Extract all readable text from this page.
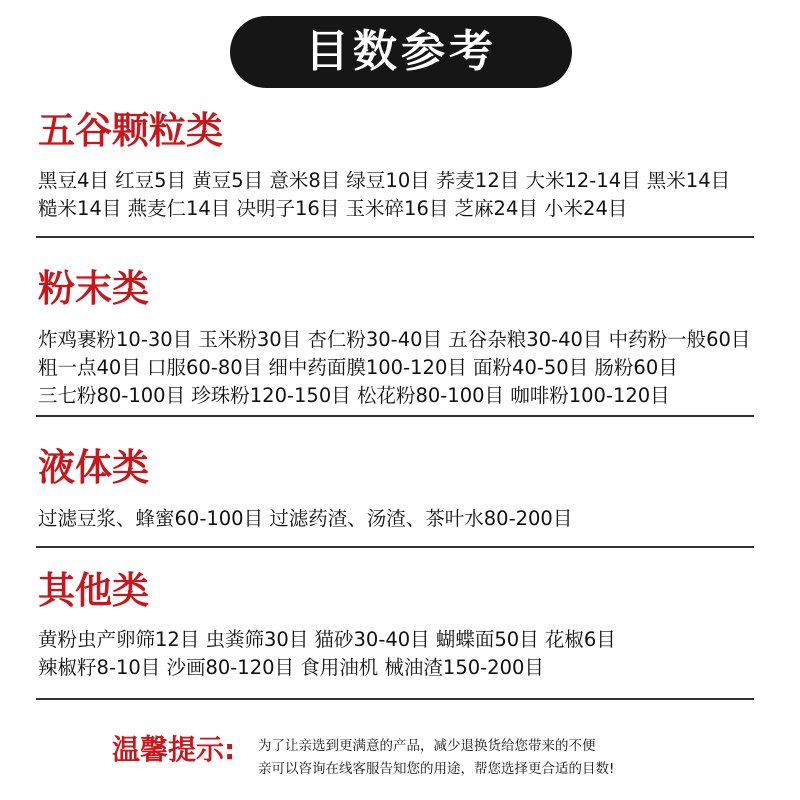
目数参考
五谷颗粒类
黑豆4目 红豆5目 黄豆5目 意米8目 绿豆10目 荞麦12目 大米12-14目 黑米14目
糙米14目 燕麦仁14目 决明子16目 玉米碎16目 芝麻24目 小米24目
粉末类
炸鸡裹粉10-30目 玉米粉30目 杏仁粉30-40目 五谷杂粮30-40目 中药粉一般60目
粗一点40目 口服60-80目 细中药面膜100-120目 面粉40-50目 肠粉60目
三七粉80-100目 珍珠粉120-150目 松花粉80-100目 咖啡粉100-120目
液体类
过滤豆浆、蜂蜜60-100目 过滤药渣、汤渣、茶叶水80-200目
其他类
黄粉虫产卵筛12目 虫粪筛30目 猫砂30-40目 蝴蝶面50目 花椒6目
辣椒籽8-10目 沙画80-120目 食用油机 械油渣150-200目
温馨提示: 为了让亲选到更满意的产品，减少退换货给您带来的不便
亲可以咨询在线客服告知您的用途，帮您选择更合适的目数!
